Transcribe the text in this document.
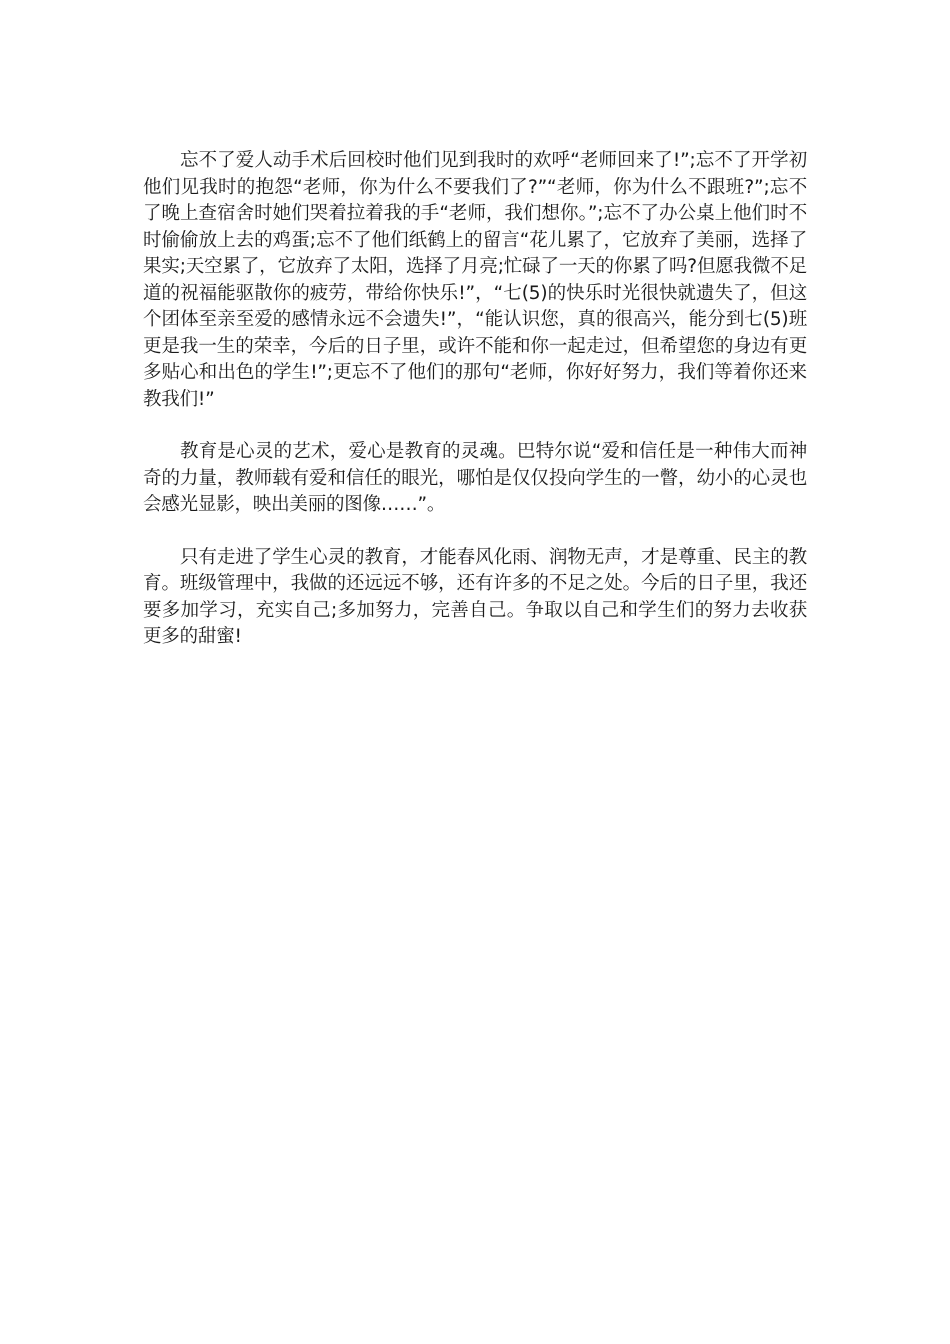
忘不了爱人动手术后回校时他们见到我时的欢呼“老师回来了!”;忘不了开学初他们见我时的抱怨“老师，你为什么不要我们了?”“老师，你为什么不跟班?”;忘不了晚上查宿舍时她们哭着拉着我的手“老师，我们想你。”;忘不了办公桌上他们时不时偷偷放上去的鸡蛋;忘不了他们纸鹤上的留言“花儿累了，它放弃了美丽，选择了果实;天空累了，它放弃了太阳，选择了月亮;忙碌了一天的你累了吗?但愿我微不足道的祝福能驱散你的疲劳，带给你快乐!”，“七(5)的快乐时光很快就遗失了，但这个团体至亲至爱的感情永远不会遗失!”，“能认识您，真的很高兴，能分到七(5)班更是我一生的荣幸，今后的日子里，或许不能和你一起走过，但希望您的身边有更多贴心和出色的学生!”;更忘不了他们的那句“老师，你好好努力，我们等着你还来教我们!”

教育是心灵的艺术，爱心是教育的灵魂。巴特尔说“爱和信任是一种伟大而神奇的力量，教师载有爱和信任的眼光，哪怕是仅仅投向学生的一瞥，幼小的心灵也会感光显影，映出美丽的图像……”。

只有走进了学生心灵的教育，才能春风化雨、润物无声，才是尊重、民主的教育。班级管理中，我做的还远远不够，还有许多的不足之处。今后的日子里，我还要多加学习，充实自己;多加努力，完善自己。争取以自己和学生们的努力去收获更多的甜蜜!
